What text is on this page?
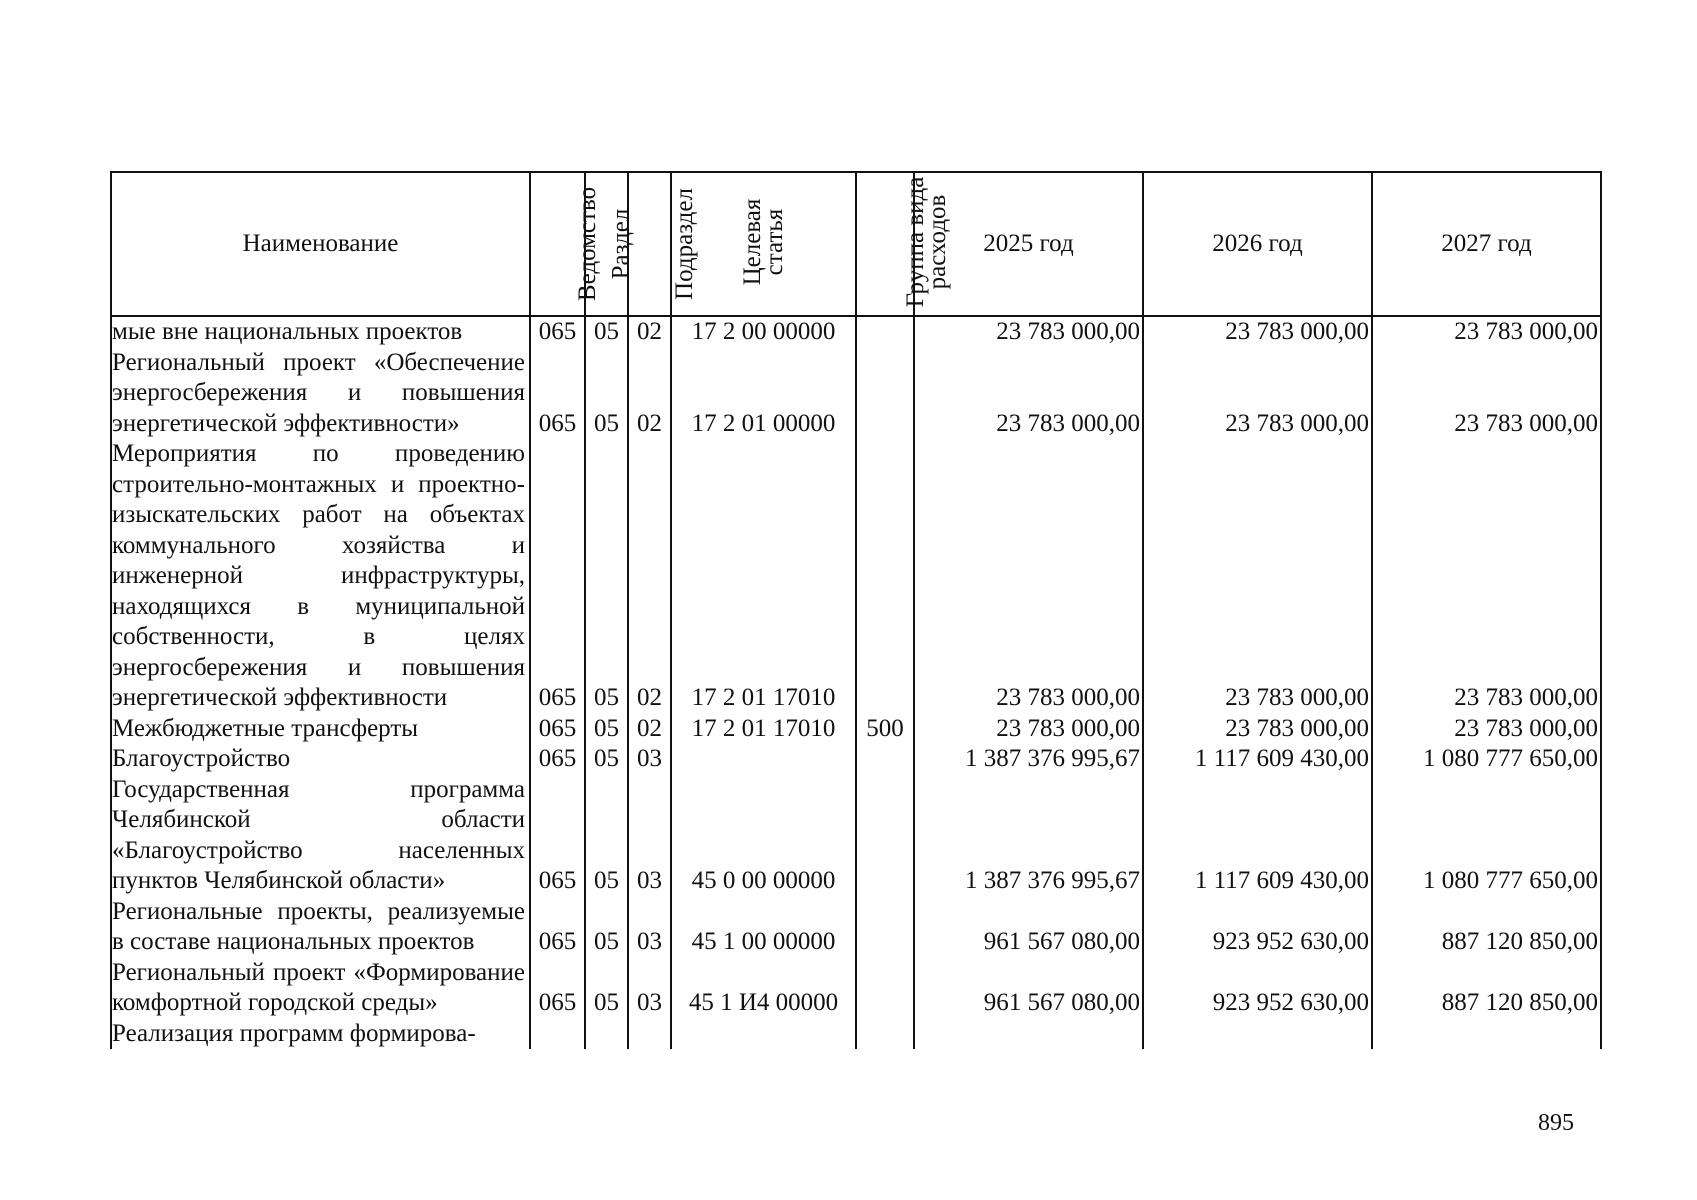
Наименование	Ведомство	Раздел	Подраздел	Целевая статья	Группа вида расходов	2025 год	2026 год	2027 год
мые вне национальных проектов	065	05	02	17 2 00 00000		23 783 000,00	23 783 000,00	23 783 000,00
Региональный проект «Обеспечение энергосбережения и повышения энергетической эффективности»	065	05	02	17 2 01 00000		23 783 000,00	23 783 000,00	23 783 000,00
Мероприятия по проведению строительно-монтажных и проектно-изыскательских работ на объектах коммунального хозяйства и инженерной инфраструктуры, находящихся в муниципальной собственности, в целях энергосбережения и повышения энергетической эффективности	065	05	02	17 2 01 17010		23 783 000,00	23 783 000,00	23 783 000,00
Межбюджетные трансферты	065	05	02	17 2 01 17010	500	23 783 000,00	23 783 000,00	23 783 000,00
Благоустройство	065	05	03			1 387 376 995,67	1 117 609 430,00	1 080 777 650,00
Государственная программа Челябинской области «Благоустройство населенных пунктов Челябинской области»	065	05	03	45 0 00 00000		1 387 376 995,67	1 117 609 430,00	1 080 777 650,00
Региональные проекты, реализуемые в составе национальных проектов	065	05	03	45 1 00 00000		961 567 080,00	923 952 630,00	887 120 850,00
Региональный проект «Формирование комфортной городской среды»	065	05	03	45 1 И4 00000		961 567 080,00	923 952 630,00	887 120 850,00
Реализация программ формирова-								
895
